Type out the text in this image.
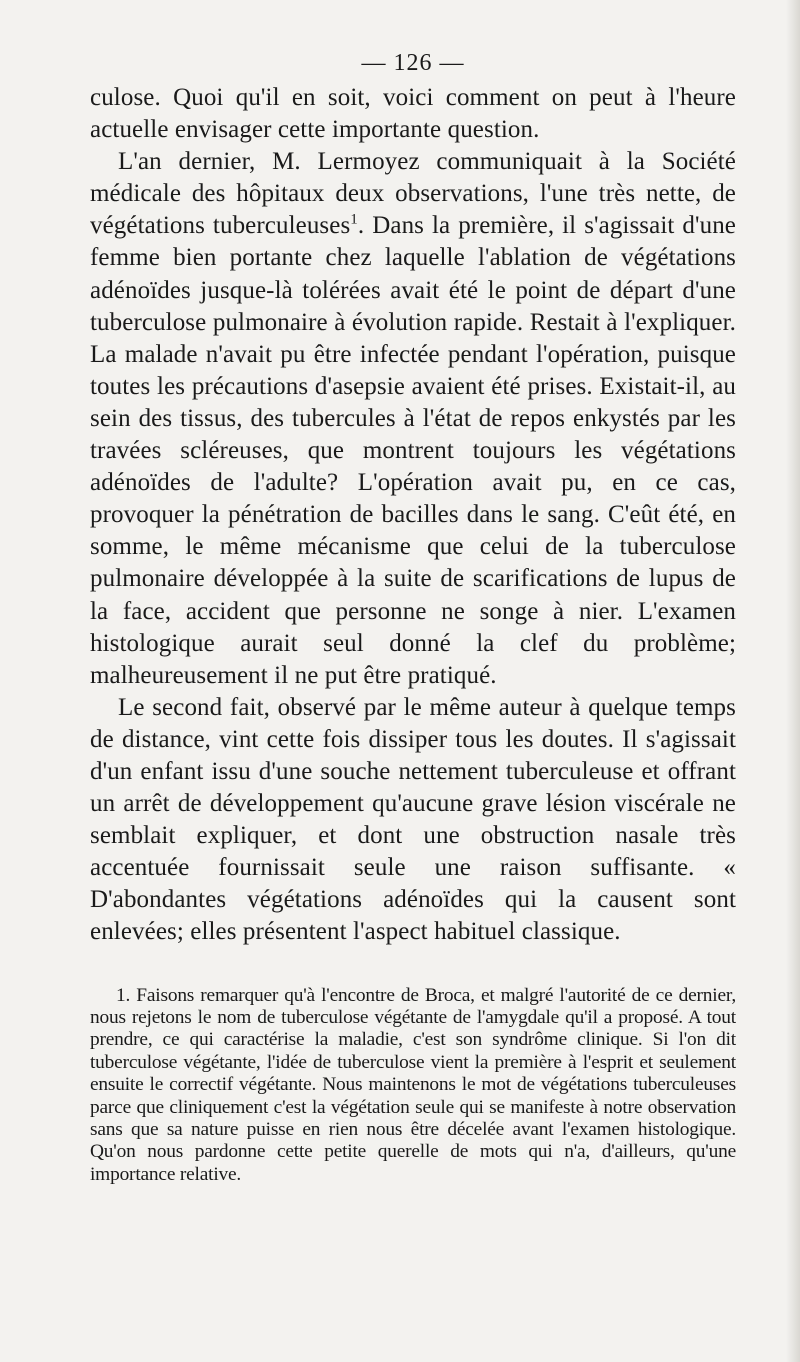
— 126 —

culose. Quoi qu'il en soit, voici comment on peut à l'heure actuelle envisager cette importante question.

L'an dernier, M. Lermoyez communiquait à la Société médicale des hôpitaux deux observations, l'une très nette, de végétations tuberculeuses$^1$. Dans la première, il s'agissait d'une femme bien portante chez laquelle l'ablation de végétations adénoïdes jusque-là tolérées avait été le point de départ d'une tuberculose pulmonaire à évolution rapide. Restait à l'expliquer. La malade n'avait pu être infectée pendant l'opération, puisque toutes les précautions d'asepsie avaient été prises. Existait-il, au sein des tissus, des tubercules à l'état de repos enkystés par les travées scléreuses, que montrent toujours les végétations adénoïdes de l'adulte? L'opération avait pu, en ce cas, provoquer la pénétration de bacilles dans le sang. C'eût été, en somme, le même mécanisme que celui de la tuberculose pulmonaire développée à la suite de scarifications de lupus de la face, accident que personne ne songe à nier. L'examen histologique aurait seul donné la clef du problème; malheureusement il ne put être pratiqué.

Le second fait, observé par le même auteur à quelque temps de distance, vint cette fois dissiper tous les doutes. Il s'agissait d'un enfant issu d'une souche nettement tuberculeuse et offrant un arrêt de développement qu'aucune grave lésion viscérale ne semblait expliquer, et dont une obstruction nasale très accentuée fournissait seule une raison suffisante. « D'abondantes végétations adénoïdes qui la causent sont enlevées; elles présentent l'aspect habituel classique.

1. Faisons remarquer qu'à l'encontre de Broca, et malgré l'autorité de ce dernier, nous rejetons le nom de tuberculose végétante de l'amygdale qu'il a proposé. A tout prendre, ce qui caractérise la maladie, c'est son syndrôme clinique. Si l'on dit tuberculose végétante, l'idée de tuberculose vient la première à l'esprit et seulement ensuite le correctif végétante. Nous maintenons le mot de végétations tuberculeuses parce que cliniquement c'est la végétation seule qui se manifeste à notre observation sans que sa nature puisse en rien nous être décelée avant l'examen histologique. Qu'on nous pardonne cette petite querelle de mots qui n'a, d'ailleurs, qu'une importance relative.
